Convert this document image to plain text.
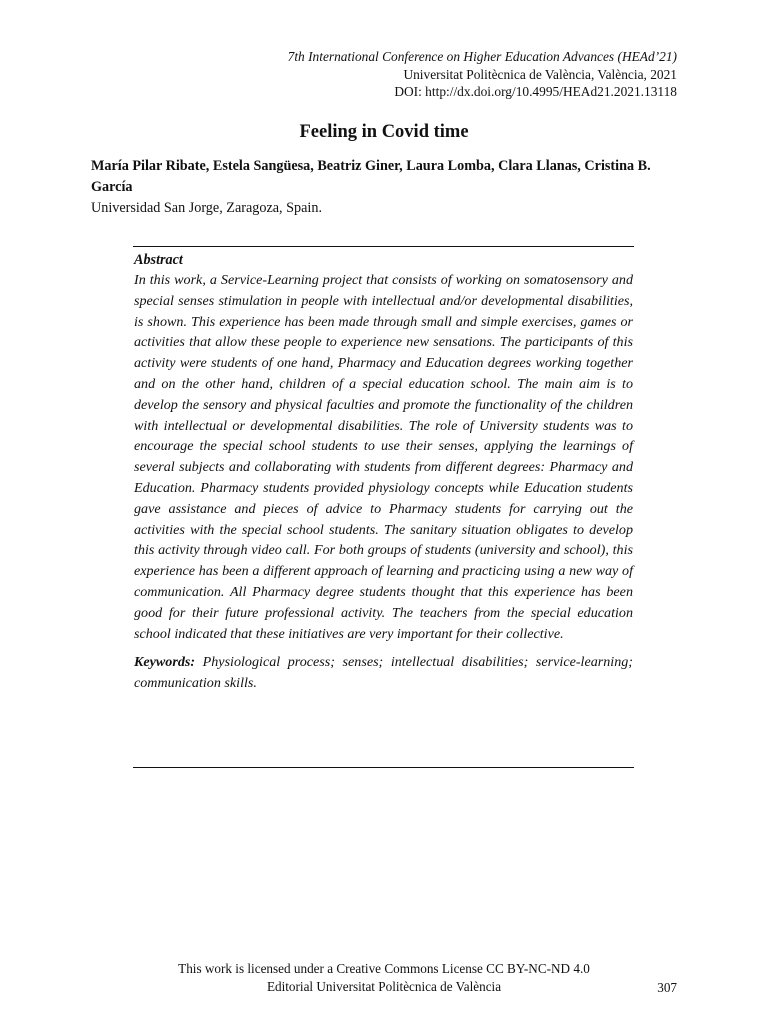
7th International Conference on Higher Education Advances (HEAd’21)
Universitat Politècnica de València, València, 2021
DOI: http://dx.doi.org/10.4995/HEAd21.2021.13118
Feeling in Covid time
María Pilar Ribate, Estela Sangüesa, Beatriz Giner, Laura Lomba, Clara Llanas, Cristina B. García
Universidad San Jorge, Zaragoza, Spain.
Abstract

In this work, a Service-Learning project that consists of working on somatosensory and special senses stimulation in people with intellectual and/or developmental disabilities, is shown. This experience has been made through small and simple exercises, games or activities that allow these people to experience new sensations. The participants of this activity were students of one hand, Pharmacy and Education degrees working together and on the other hand, children of a special education school. The main aim is to develop the sensory and physical faculties and promote the functionality of the children with intellectual or developmental disabilities. The role of University students was to encourage the special school students to use their senses, applying the learnings of several subjects and collaborating with students from different degrees: Pharmacy and Education. Pharmacy students provided physiology concepts while Education students gave assistance and pieces of advice to Pharmacy students for carrying out the activities with the special school students. The sanitary situation obligates to develop this activity through video call. For both groups of students (university and school), this experience has been a different approach of learning and practicing using a new way of communication. All Pharmacy degree students thought that this experience has been good for their future professional activity. The teachers from the special education school indicated that these initiatives are very important for their collective.

Keywords: Physiological process; senses; intellectual disabilities; service-learning; communication skills.
This work is licensed under a Creative Commons License CC BY-NC-ND 4.0
Editorial Universitat Politècnica de València	307
